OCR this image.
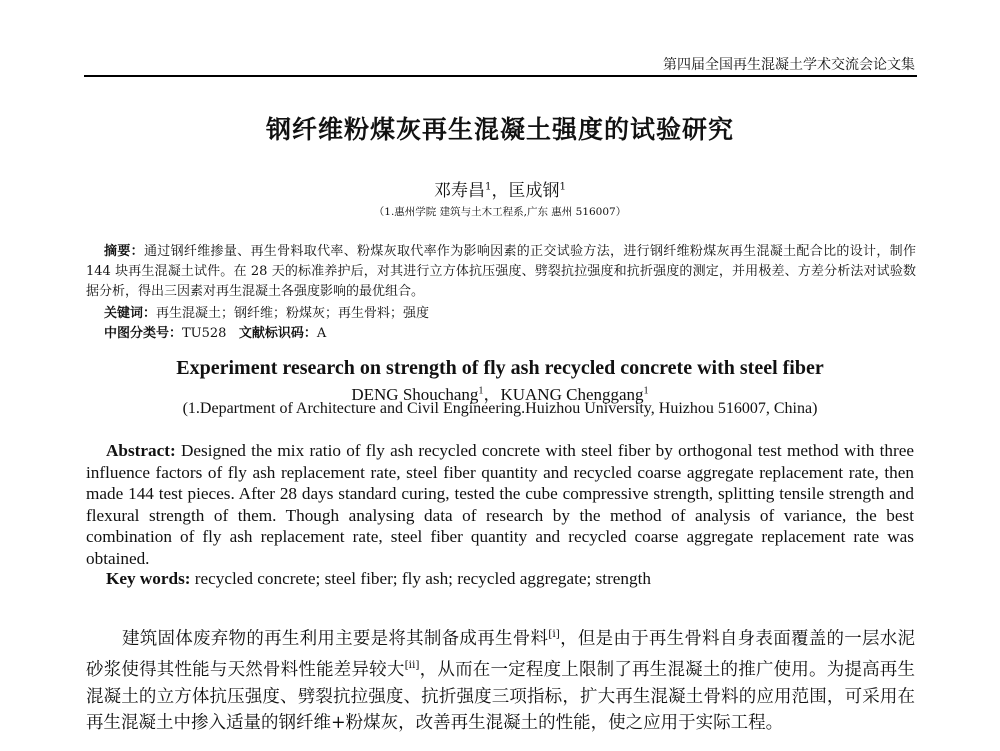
第四届全国再生混凝土学术交流会论文集
钢纤维粉煤灰再生混凝土强度的试验研究
邓寿昌$^1$，匡成钢$^1$
（1.惠州学院 建筑与土木工程系,广东 惠州 516007）
摘要：通过钢纤维掺量、再生骨料取代率、粉煤灰取代率作为影响因素的正交试验方法，进行钢纤维粉煤灰再生混凝土配合比的设计，制作 144 块再生混凝土试件。在 28 天的标准养护后，对其进行立方体抗压强度、劈裂抗拉强度和抗折强度的测定，并用极差、方差分析法对试验数据分析，得出三因素对再生混凝土各强度影响的最优组合。
关键词：再生混凝土；钢纤维；粉煤灰；再生骨料；强度
中图分类号：TU528 文献标识码：A
Experiment research on strength of fly ash recycled concrete with steel fiber
DENG Shouchang$^1$，KUANG Chenggang$^1$
(1.Department of Architecture and Civil Engineering.Huizhou University, Huizhou 516007, China)
Abstract: Designed the mix ratio of fly ash recycled concrete with steel fiber by orthogonal test method with three influence factors of fly ash replacement rate, steel fiber quantity and recycled coarse aggregate replacement rate, then made 144 test pieces. After 28 days standard curing, tested the cube compressive strength, splitting tensile strength and flexural strength of them. Though analysing data of research by the method of analysis of variance, the best combination of fly ash replacement rate, steel fiber quantity and recycled coarse aggregate replacement rate was obtained.
Key words: recycled concrete; steel fiber; fly ash; recycled aggregate; strength
建筑固体废弃物的再生利用主要是将其制备成再生骨料[i]，但是由于再生骨料自身表面覆盖的一层水泥砂浆使得其性能与天然骨料性能差异较大[ii]，从而在一定程度上限制了再生混凝土的推广使用。为提高再生混凝土的立方体抗压强度、劈裂抗拉强度、抗折强度三项指标，扩大再生混凝土骨料的应用范围，可采用在再生混凝土中掺入适量的钢纤维+粉煤灰，改善再生混凝土的性能，使之应用于实际工程。
